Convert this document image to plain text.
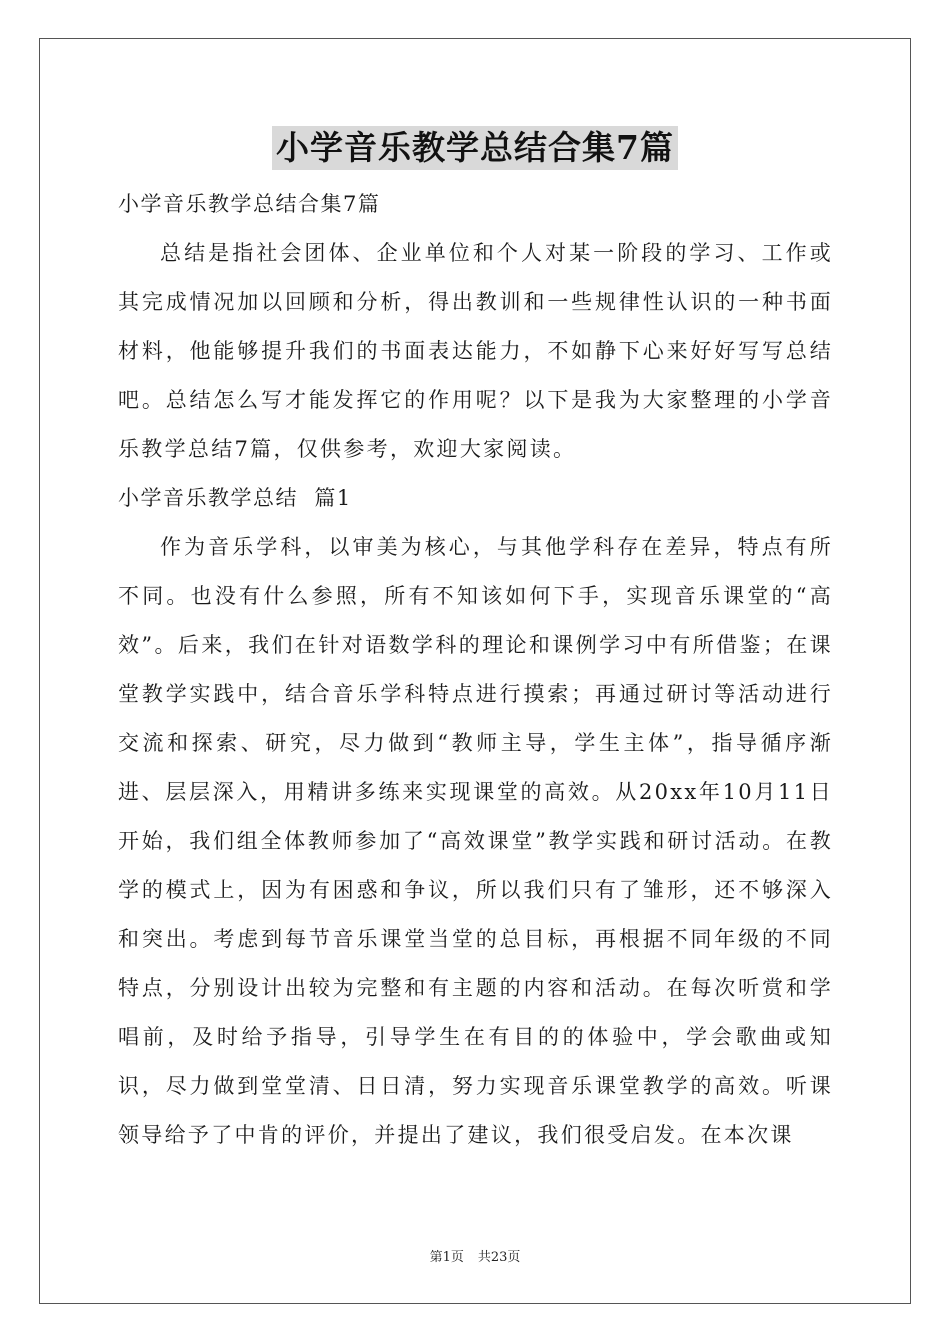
小学音乐教学总结合集7篇

小学音乐教学总结合集7篇

总结是指社会团体、企业单位和个人对某一阶段的学习、工作或其完成情况加以回顾和分析，得出教训和一些规律性认识的一种书面材料，他能够提升我们的书面表达能力，不如静下心来好好写写总结吧。总结怎么写才能发挥它的作用呢？以下是我为大家整理的小学音乐教学总结7篇，仅供参考，欢迎大家阅读。

小学音乐教学总结  篇1

作为音乐学科，以审美为核心，与其他学科存在差异，特点有所不同。也没有什么参照，所有不知该如何下手，实现音乐课堂的“高效”。后来，我们在针对语数学科的理论和课例学习中有所借鉴；在课堂教学实践中，结合音乐学科特点进行摸索；再通过研讨等活动进行交流和探索、研究，尽力做到“教师主导，学生主体”，指导循序渐进、层层深入，用精讲多练来实现课堂的高效。从20xx年10月11日开始，我们组全体教师参加了“高效课堂”教学实践和研讨活动。在教学的模式上，因为有困惑和争议，所以我们只有了雏形，还不够深入和突出。考虑到每节音乐课堂当堂的总目标，再根据不同年级的不同特点，分别设计出较为完整和有主题的内容和活动。在每次听赏和学唱前，及时给予指导，引导学生在有目的的体验中，学会歌曲或知识，尽力做到堂堂清、日日清，努力实现音乐课堂教学的高效。听课领导给予了中肯的评价，并提出了建议，我们很受启发。在本次课

第1页 共23页
